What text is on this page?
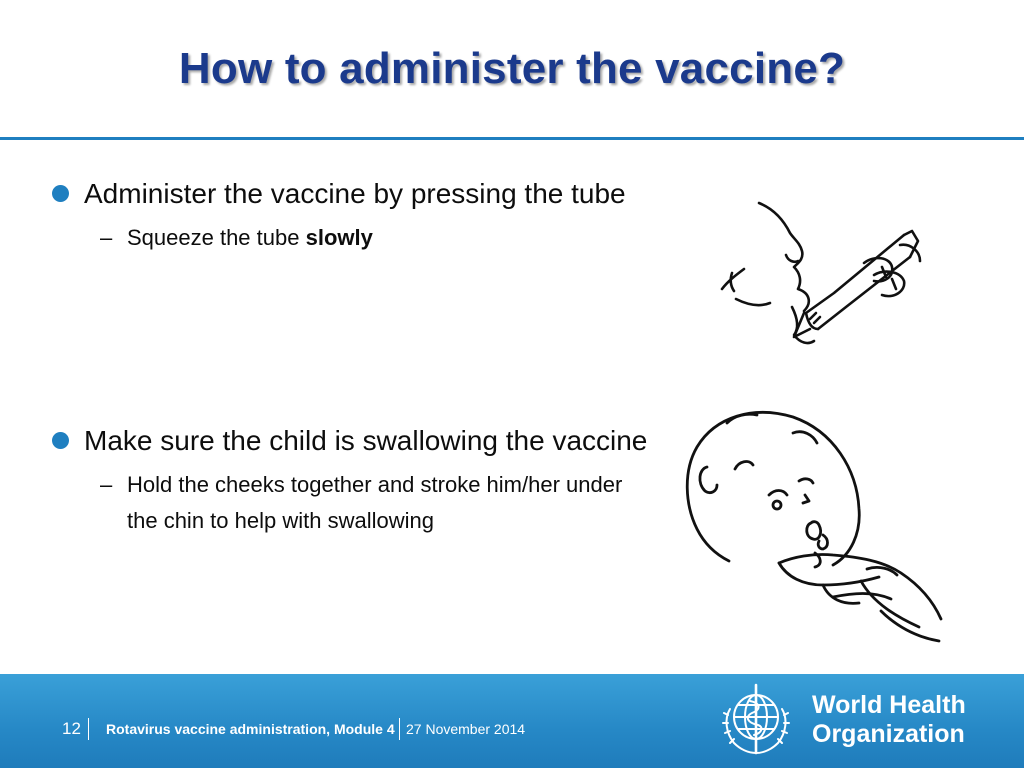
How to administer the vaccine?
Administer the vaccine by pressing the tube
– Squeeze the tube slowly
Make sure the child is swallowing the vaccine
– Hold the cheeks together and stroke him/her under the chin to help with swallowing
12 Rotavirus vaccine administration, Module 4 27 November 2014
World Health
Organization
